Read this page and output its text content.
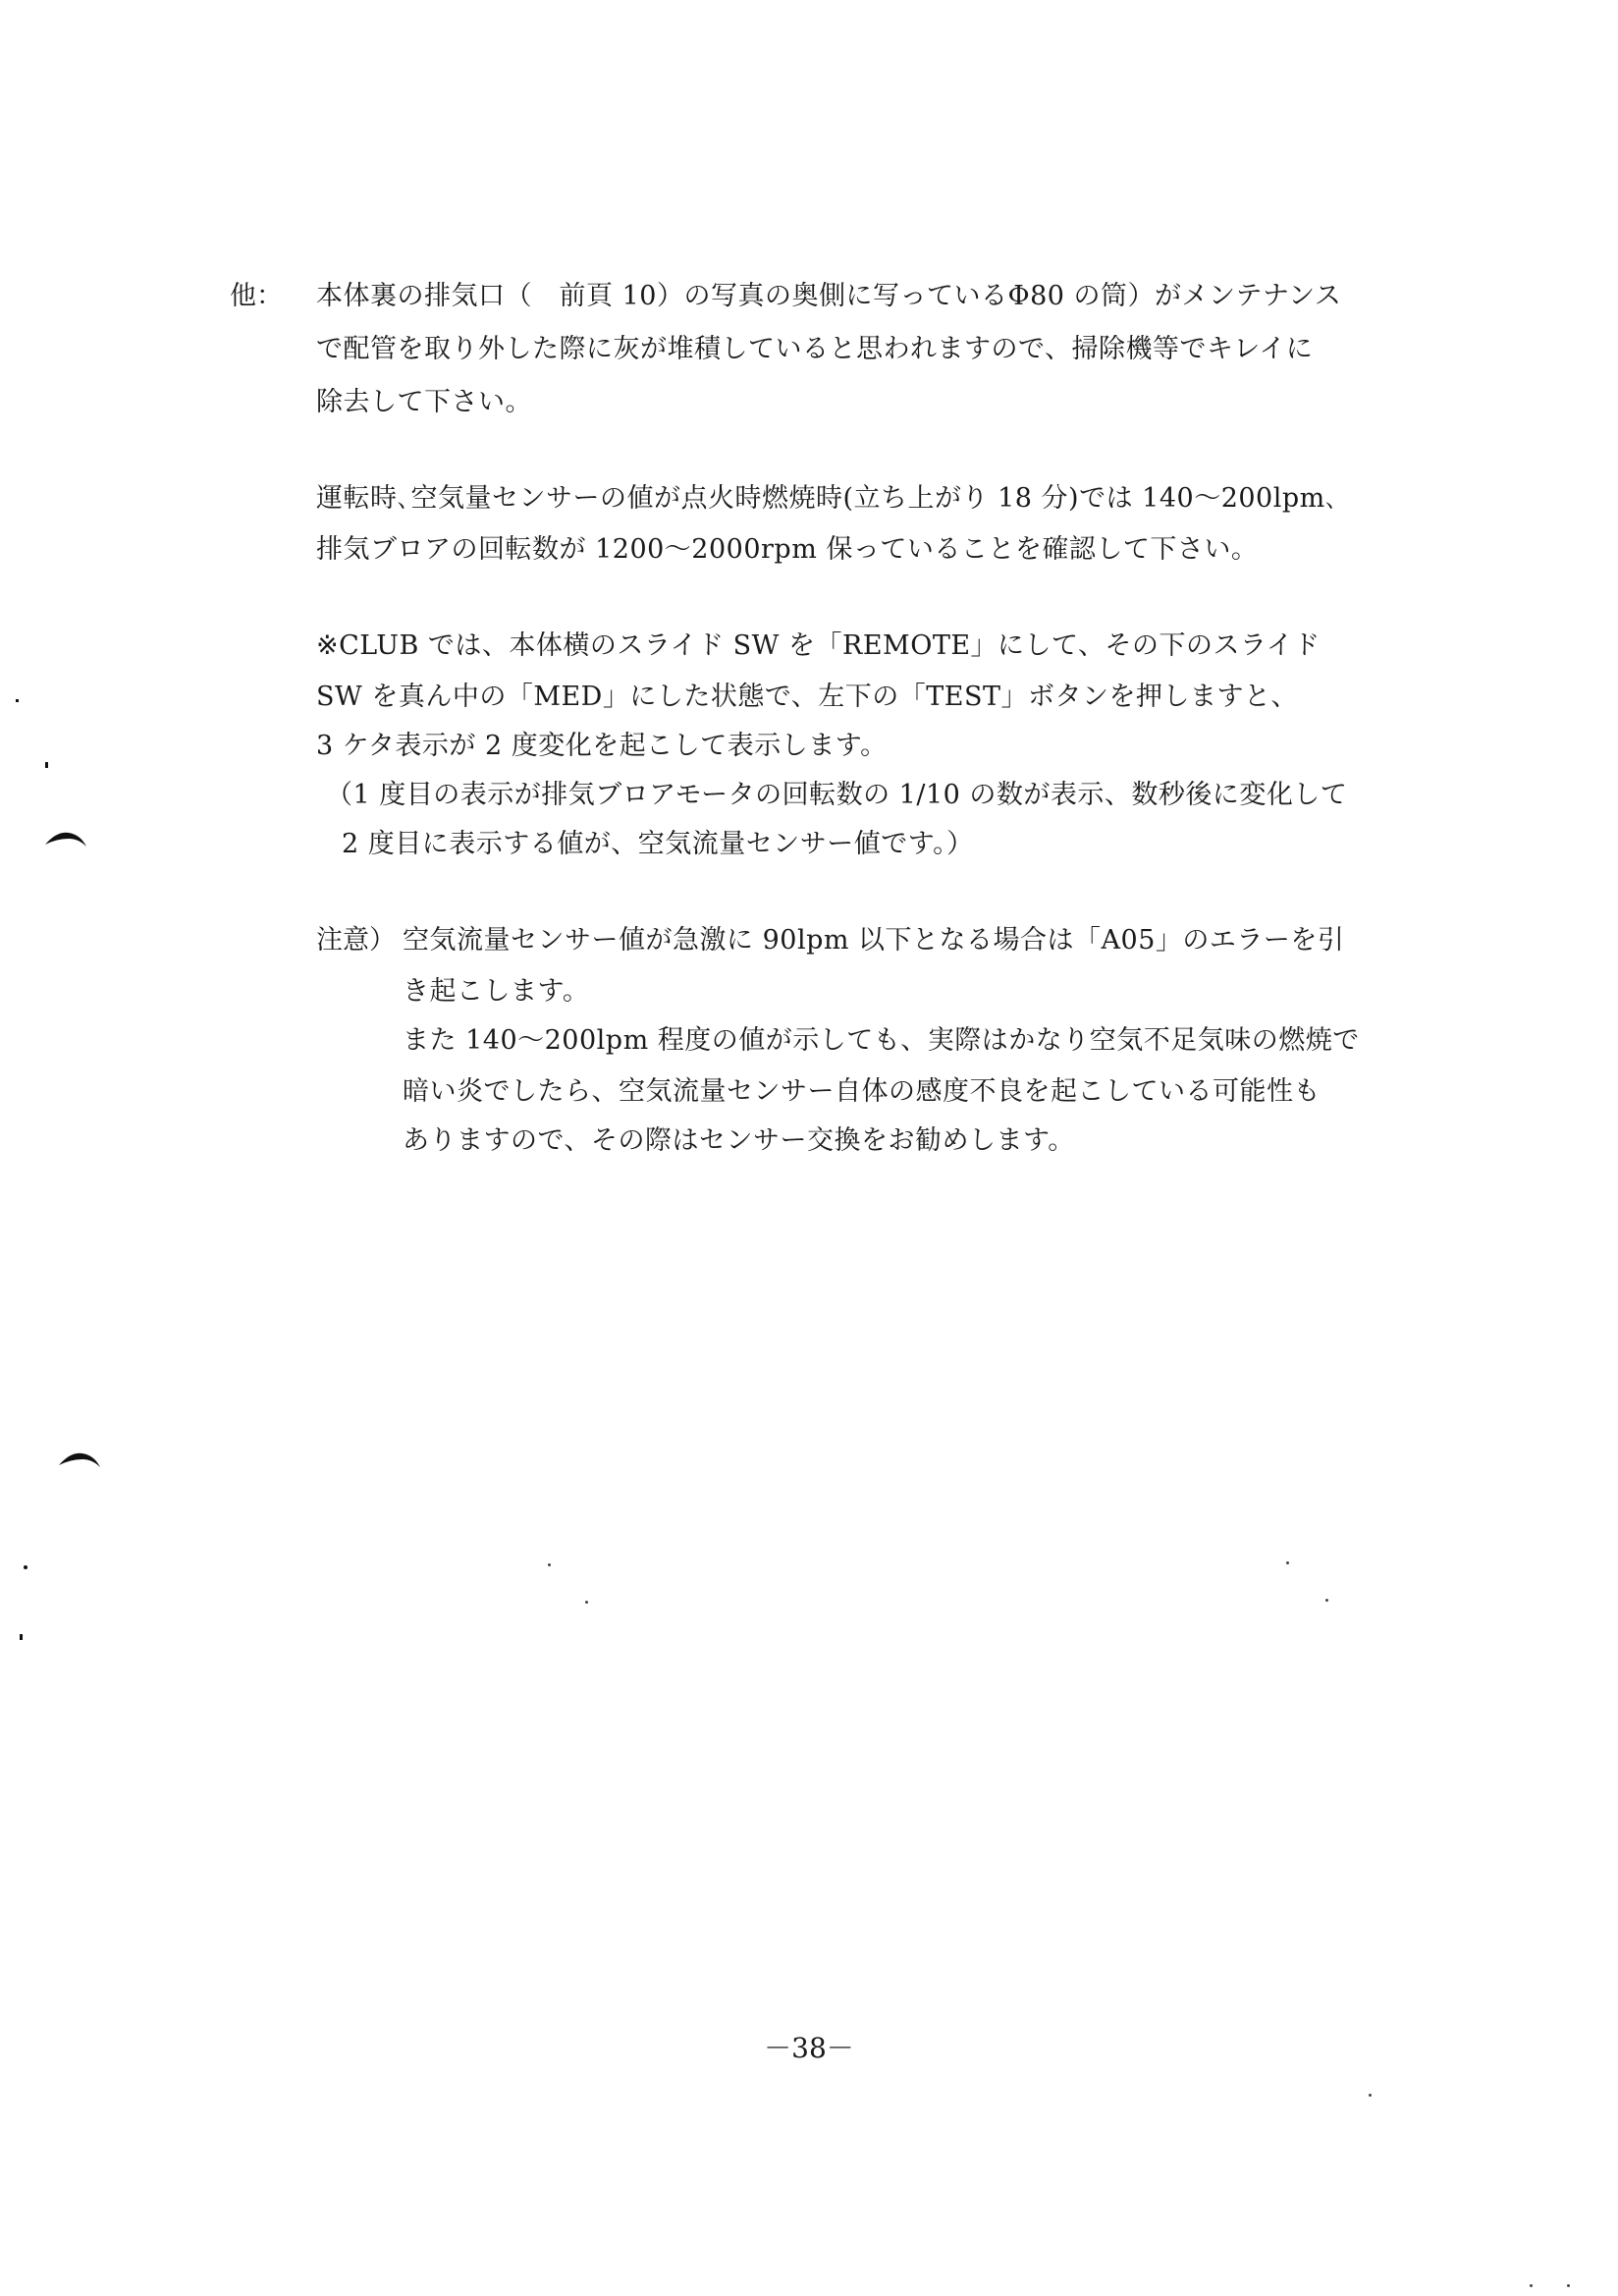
他： 本体裏の排気口（　前頁 10）の写真の奥側に写っているΦ80 の筒）がメンテナンス
で配管を取り外した際に灰が堆積していると思われますので、掃除機等でキレイに
除去して下さい。
運転時､空気量センサーの値が点火時燃焼時(立ち上がり 18 分)では 140～200lpm､
排気ブロアの回転数が 1200～2000rpm 保っていることを確認して下さい。
※CLUB では、本体横のスライド SW を「REMOTE」にして、その下のスライド
SW を真ん中の「MED」にした状態で、左下の「TEST」ボタンを押しますと、
3 ケタ表示が 2 度変化を起こして表示します。
（1 度目の表示が排気ブロアモータの回転数の 1/10 の数が表示、数秒後に変化して
2 度目に表示する値が、空気流量センサー値です。）
注意） 空気流量センサー値が急激に 90lpm 以下となる場合は「A05」のエラーを引
き起こします。
また 140～200lpm 程度の値が示しても、実際はかなり空気不足気味の燃焼で
暗い炎でしたら、空気流量センサー自体の感度不良を起こしている可能性も
ありますので、その際はセンサー交換をお勧めします。
－38－
